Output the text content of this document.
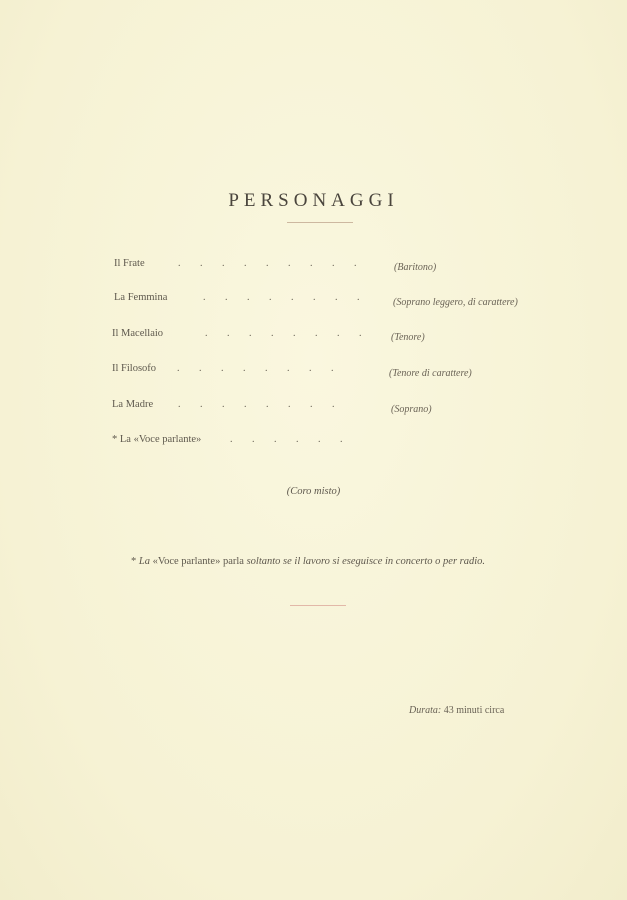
PERSONAGGI
Il Frate	. . . . . . . . .	(Baritono)
La Femmina	. . . . . . . .	(Soprano leggero, di carattere)
Il Macellaio	. . . . . . . .	(Tenore)
Il Filosofo . . . . . . . .	(Tenore di carattere)
La Madre . . . . . . . .	(Soprano)
* La «Voce parlante»	. . . . . .
(Coro misto)
* La «Voce parlante» parla soltanto se il lavoro si eseguisce in concerto o per radio.
Durata: 43 minuti circa
